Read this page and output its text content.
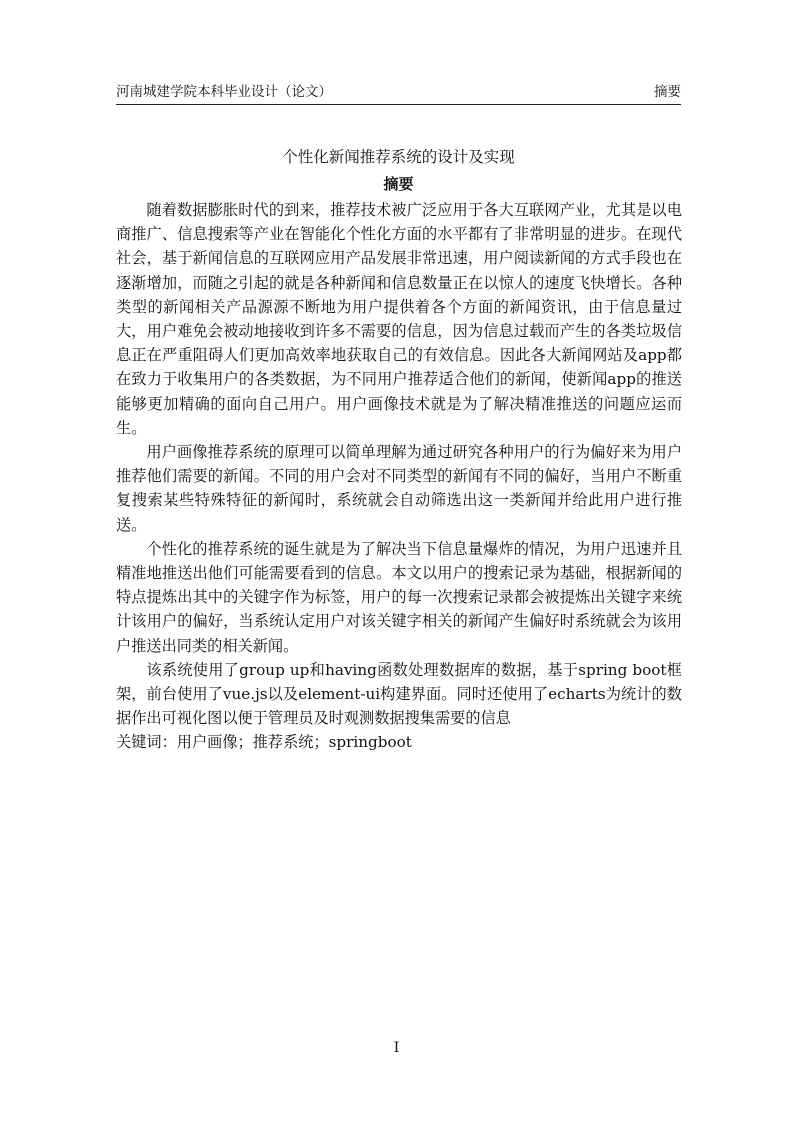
河南城建学院本科毕业设计（论文）	摘要
个性化新闻推荐系统的设计及实现
摘要

随着数据膨胀时代的到来，推荐技术被广泛应用于各大互联网产业，尤其是以电商推广、信息搜索等产业在智能化个性化方面的水平都有了非常明显的进步。在现代社会，基于新闻信息的互联网应用产品发展非常迅速，用户阅读新闻的方式手段也在逐渐增加，而随之引起的就是各种新闻和信息数量正在以惊人的速度飞快增长。各种类型的新闻相关产品源源不断地为用户提供着各个方面的新闻资讯，由于信息量过大，用户难免会被动地接收到许多不需要的信息，因为信息过载而产生的各类垃圾信息正在严重阻碍人们更加高效率地获取自己的有效信息。因此各大新闻网站及app都在致力于收集用户的各类数据，为不同用户推荐适合他们的新闻，使新闻app的推送能够更加精确的面向自己用户。用户画像技术就是为了解决精准推送的问题应运而生。

用户画像推荐系统的原理可以简单理解为通过研究各种用户的行为偏好来为用户推荐他们需要的新闻。不同的用户会对不同类型的新闻有不同的偏好，当用户不断重复搜索某些特殊特征的新闻时，系统就会自动筛选出这一类新闻并给此用户进行推送。

个性化的推荐系统的诞生就是为了解决当下信息量爆炸的情况，为用户迅速并且精准地推送出他们可能需要看到的信息。本文以用户的搜索记录为基础，根据新闻的特点提炼出其中的关键字作为标签，用户的每一次搜索记录都会被提炼出关键字来统计该用户的偏好，当系统认定用户对该关键字相关的新闻产生偏好时系统就会为该用户推送出同类的相关新闻。

该系统使用了group up和having函数处理数据库的数据，基于spring boot框架，前台使用了vue.js以及element-ui构建界面。同时还使用了echarts为统计的数据作出可视化图以便于管理员及时观测数据搜集需要的信息

关键词：用户画像；推荐系统；springboot
I
